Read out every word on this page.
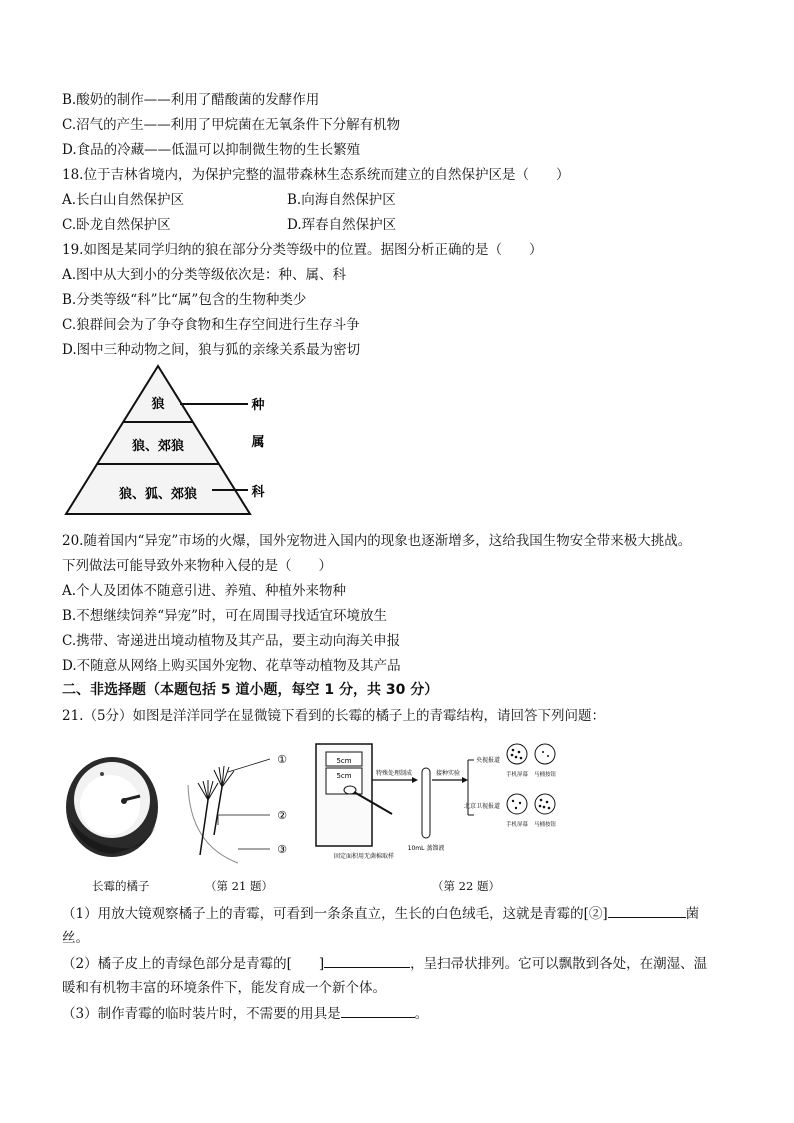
B.酸奶的制作——利用了醋酸菌的发酵作用
C.沼气的产生——利用了甲烷菌在无氧条件下分解有机物
D.食品的冷藏——低温可以抑制微生物的生长繁殖
18.位于吉林省境内，为保护完整的温带森林生态系统而建立的自然保护区是（　　）
A.长白山自然保护区	B.向海自然保护区
C.卧龙自然保护区	D.珲春自然保护区
19.如图是某同学归纳的狼在部分分类等级中的位置。据图分析正确的是（　　）
A.图中从大到小的分类等级依次是：种、属、科
B.分类等级“科”比“属”包含的生物种类少
C.狼群间会为了争夺食物和生存空间进行生存斗争
D.图中三种动物之间，狼与狐的亲缘关系最为密切
狼
狼、郊狼
狼、狐、郊狼
种
属
科
20.随着国内“异宠”市场的火爆，国外宠物进入国内的现象也逐渐增多，这给我国生物安全带来极大挑战。
下列做法可能导致外来物种入侵的是（　　）
A.个人及团体不随意引进、养殖、种植外来物种
B.不想继续饲养“异宠”时，可在周围寻找适宜环境放生
C.携带、寄递进出境动植物及其产品，要主动向海关申报
D.不随意从网络上购买国外宠物、花草等动植物及其产品
二、非选择题（本题包括 5 道小题，每空 1 分，共 30 分）
21.（5分）如图是洋洋同学在显微镜下看到的长霉的橘子上的青霉结构，请回答下列问题：
①
②
③
5cm
5cm	特殊处理制成
10mL 蒸馏液
接种实验
央视报道
北京卫视报道
手机屏幕 马桶按钮
手机屏幕 马桶按钮
固定面积用无菌棉取样
长霉的橘子	（第 21 题）	（第 22 题）
（1）用放大镜观察橘子上的青霉，可看到一条条直立，生长的白色绒毛，这就是青霉的[②]	菌
丝。
（2）橘子皮上的青绿色部分是青霉的[　　]	，呈扫帚状排列。它可以飘散到各处，在潮湿、温
暖和有机物丰富的环境条件下，能发育成一个新个体。
（3）制作青霉的临时装片时，不需要的用具是	。
